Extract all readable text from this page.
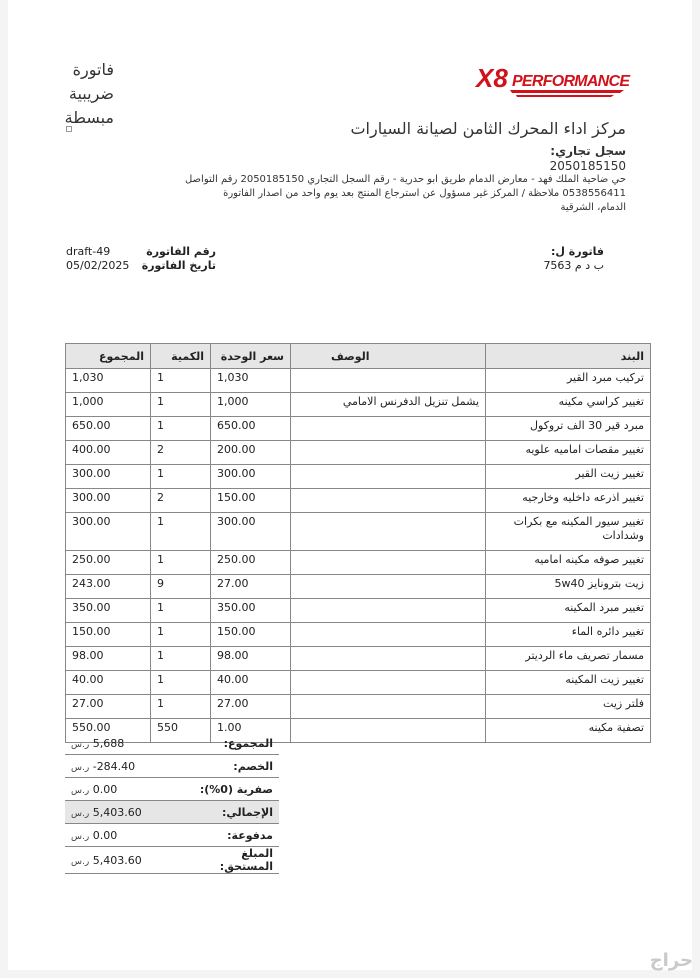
فاتورة
ضريبية
مبسطة
X8 PERFORMANCE
مركز اداء المحرك الثامن لصيانة السيارات
سجل تجاري:
2050185150
حي ضاحية الملك فهد - معارض الدمام طريق ابو حدرية - رقم السجل التجاري 2050185150 رقم التواصل
0538556411 ملاحظة / المركز غير مسؤول عن استرجاع المنتج بعد يوم واحد من اصدار الفاتورة
الدمام، الشرقية
فاتورة ل:
ب د م 7563
رقم الفاتورة
draft-49
تاريخ الفاتورة
05/02/2025
البند	الوصف	سعر الوحدة	الكمية	المجموع
تركيب مبرد القير		1,030	1	1,030
تغيير كراسي مكينه	يشمل تنزيل الدفرنس الامامي	1,000	1	1,000
مبرد قير 30 الف تروكول		650.00	1	650.00
تغيير مقصات اماميه علويه		200.00	2	400.00
تغيير زيت القير		300.00	1	300.00
تغيير اذرعه داخليه وخارجيه		150.00	2	300.00
تغيير سيور المكينه مع بكرات وشدادات		300.00	1	300.00
تغيير صوفه مكينه اماميه		250.00	1	250.00
زيت بترونايز 5w40		27.00	9	243.00
تغيير مبرد المكينه		350.00	1	350.00
تغيير دائره الماء		150.00	1	150.00
مسمار تصريف ماء الرديتر		98.00	1	98.00
تغيير زيت المكينه		40.00	1	40.00
فلتر زيت		27.00	1	27.00
تصفية مكينه		1.00	550	550.00
المجموع:	5,688 ر.س
الخصم:	284.40- ر.س
صفرية (0%):	0.00 ر.س
الإجمالي:	5,403.60 ر.س
مدفوعة:	0.00 ر.س
المبلغ المستحق:	5,403.60 ر.س
حراج
